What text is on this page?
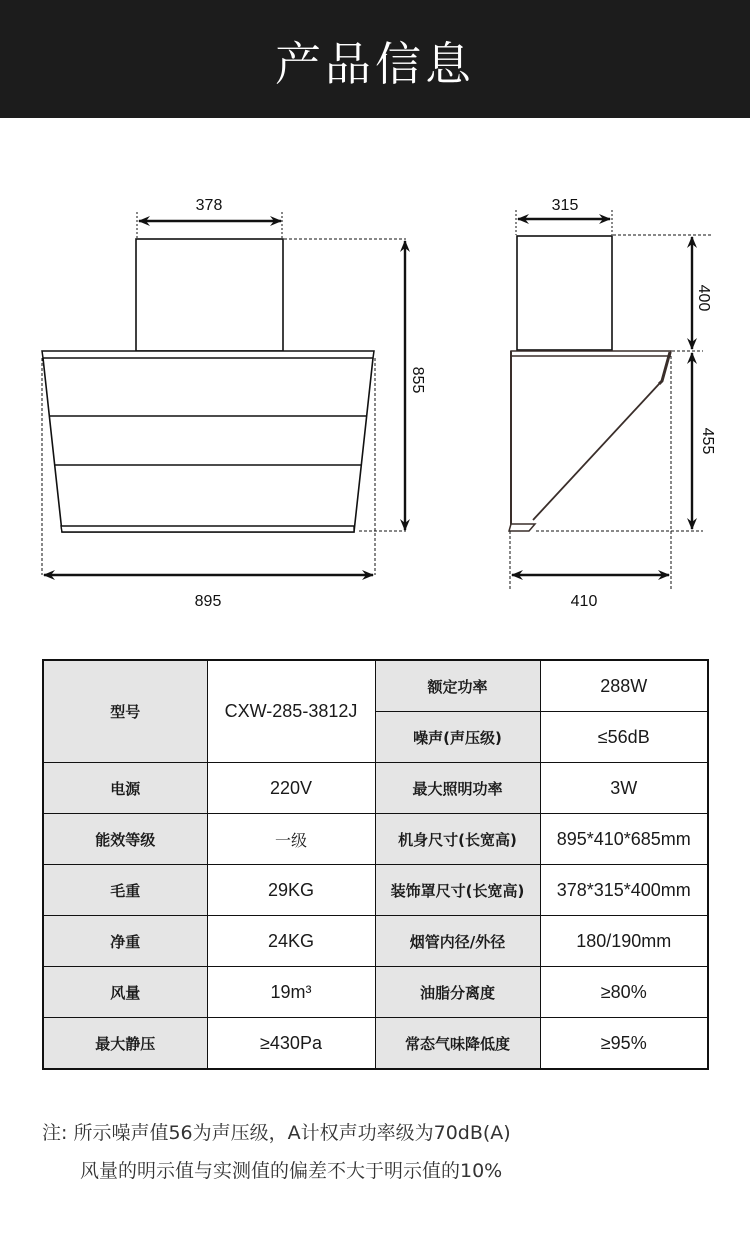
产品信息
378
855
895
315
400
455
410
型号	CXW-285-3812J	额定功率	288W
		噪声(声压级)	≤56dB
电源	220V	最大照明功率	3W
能效等级	一级	机身尺寸(长宽高)	895*410*685mm
毛重	29KG	装饰罩尺寸(长宽高)	378*315*400mm
净重	24KG	烟管内径/外径	180/190mm
风量	19m³	油脂分离度	≥80%
最大静压	≥430Pa	常态气味降低度	≥95%
注: 所示噪声值56为声压级，A计权声功率级为70dB(A)
风量的明示值与实测值的偏差不大于明示值的10%
